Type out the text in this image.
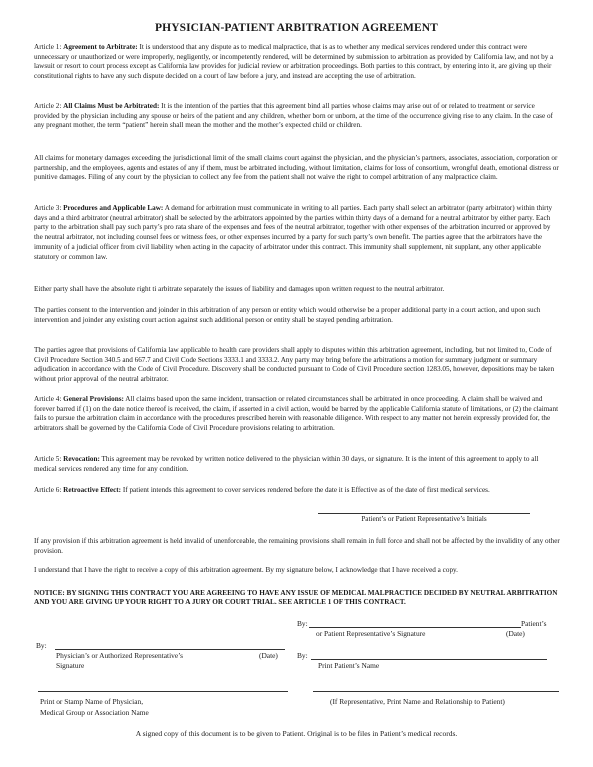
PHYSICIAN-PATIENT ARBITRATION AGREEMENT

Article 1: Agreement to Arbitrate: It is understood that any dispute as to medical malpractice, that is as to whether any medical services rendered under this contract were unnecessary or unauthorized or were improperly, negligently, or incompetently rendered, will be determined by submission to arbitration as provided by California law, and not by a lawsuit or resort to court process except as California law provides for judicial review or arbitration proceedings. Both parties to this contract, by entering into it, are giving up their constitutional rights to have any such dispute decided on a court of law before a jury, and instead are accepting the use of arbitration.

Article 2: All Claims Must be Arbitrated: It is the intention of the parties that this agreement bind all parties whose claims may arise out of or related to treatment or service provided by the physician including any spouse or heirs of the patient and any children, whether born or unborn, at the time of the occurrence giving rise to any claim. In the case of any pregnant mother, the term “patient” herein shall mean the mother and the mother’s expected child or children.

All claims for monetary damages exceeding the jurisdictional limit of the small claims court against the physician, and the physician’s partners, associates, association, corporation or partnership, and the employees, agents and estates of any if them, must be arbitrated including, without limitation, claims for loss of consortium, wrongful death, emotional distress or punitive damages. Filing of any court by the physician to collect any fee from the patient shall not waive the right to compel arbitration of any malpractice claim.

Article 3: Procedures and Applicable Law: A demand for arbitration must communicate in writing to all parties. Each party shall select an arbitrator (party arbitrator) within thirty days and a third arbitrator (neutral arbitrator) shall be selected by the arbitrators appointed by the parties within thirty days of a demand for a neutral arbitrator by either party. Each party to the arbitration shall pay such party’s pro rata share of the expenses and fees of the neutral arbitrator, together with other expenses of the arbitration incurred or approved by the neutral arbitrator, not including counsel fees or witness fees, or other expenses incurred by a party for such party’s own benefit. The parties agree that the arbitrators have the immunity of a judicial officer from civil liability when acting in the capacity of arbitrator under this contract. This immunity shall supplement, nit supplant, any other applicable statutory or common law.

Either party shall have the absolute right ti arbitrate separately the issues of liability and damages upon written request to the neutral arbitrator.

The parties consent to the intervention and joinder in this arbitration of any person or entity which would otherwise be a proper additional party in a court action, and upon such intervention and joinder any existing court action against such additional person or entity shall be stayed pending arbitration.

The parties agree that provisions of California law applicable to health care providers shall apply to disputes within this arbitration agreement, including, but not limited to, Code of Civil Procedure Section 340.5 and 667.7 and Civil Code Sections 3333.1 and 3333.2. Any party may bring before the arbitrations a motion for summary judgment or summary adjudication in accordance with the Code of Civil Procedure. Discovery shall be conducted pursuant to Code of Civil Procedure section 1283.05, however, depositions may be taken without prior approval of the neutral arbitrator.

Article 4: General Provisions: All claims based upon the same incident, transaction or related circumstances shall be arbitrated in once proceeding. A claim shall be waived and forever barred if (1) on the date notice thereof is received, the claim, if asserted in a civil action, would be barred by the applicable California statute of limitations, or (2) the claimant fails to pursue the arbitration claim in accordance with the procedures prescribed herein with reasonable diligence. With respect to any matter not herein expressly provided for, the arbitrators shall be governed by the California Code of Civil Procedure provisions relating to arbitration.

Article 5: Revocation: This agreement may be revoked by written notice delivered to the physician within 30 days, or signature. It is the intent of this agreement to apply to all medical services rendered any time for any condition.

Article 6: Retroactive Effect: If patient intends this agreement to cover services rendered before the date it is Effective as of the date of first medical services.

Patient’s or Patient Representative’s Initials

If any provision if this arbitration agreement is held invalid of unenforceable, the remaining provisions shall remain in full force and shall not be affected by the invalidity of any other provision.

I understand that I have the right to receive a copy of this arbitration agreement. By my signature below, I acknowledge that I have received a copy.

NOTICE: BY SIGNING THIS CONTRACT YOU ARE AGREEING TO HAVE ANY ISSUE OF MEDICAL MALPRACTICE DECIDED BY NEUTRAL ARBITRATION AND YOU ARE GIVING UP YOUR RIGHT TO A JURY OR COURT TRIAL. SEE ARTICLE 1 OF THIS CONTRACT.
By:	Patient’s
or Patient Representative’s Signature	(Date)
By:
By:
Physician’s or Authorized Representative’s	(Date)
Signature	Print Patient’s Name
Print or Stamp Name of Physician,
Medical Group or Association Name
(If Representative, Print Name and Relationship to Patient)
A signed copy of this document is to be given to Patient. Original is to be files in Patient’s medical records.
